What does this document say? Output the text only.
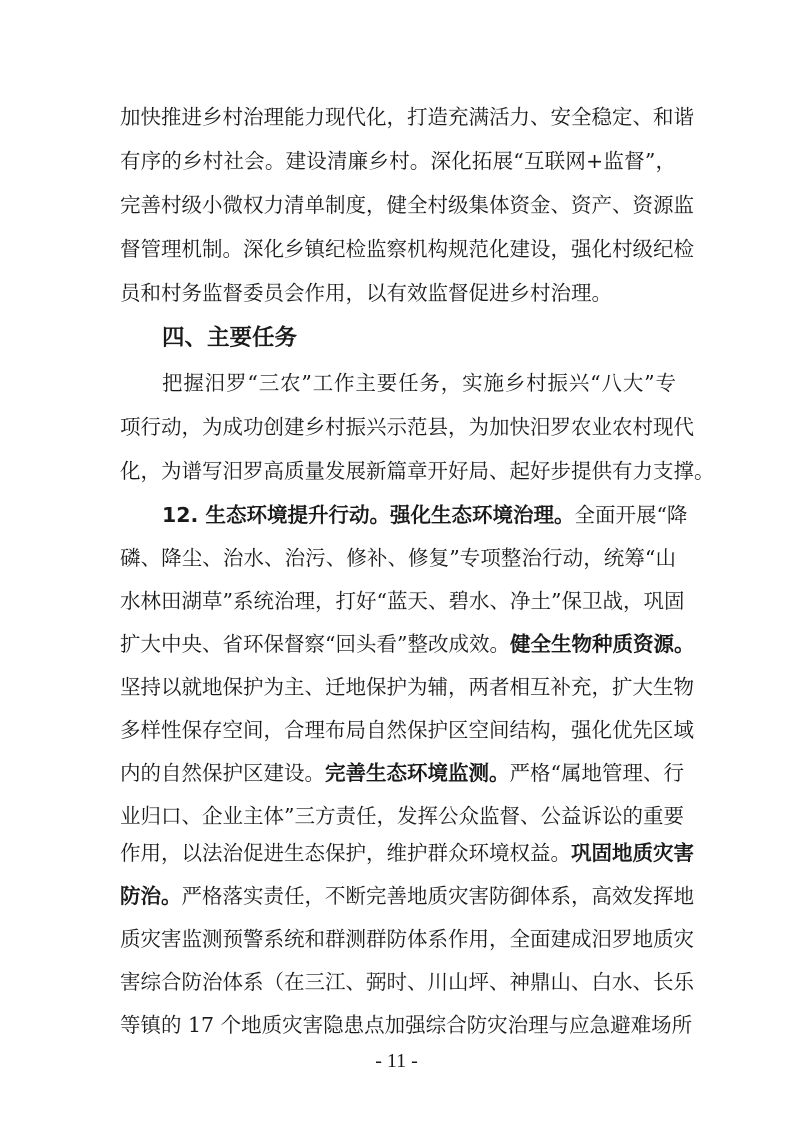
加快推进乡村治理能力现代化，打造充满活力、安全稳定、和谐
有序的乡村社会。建设清廉乡村。深化拓展“互联网+监督”，
完善村级小微权力清单制度，健全村级集体资金、资产、资源监
督管理机制。深化乡镇纪检监察机构规范化建设，强化村级纪检
员和村务监督委员会作用，以有效监督促进乡村治理。
四、主要任务
把握汨罗“三农”工作主要任务，实施乡村振兴“八大”专
项行动，为成功创建乡村振兴示范县，为加快汨罗农业农村现代
化，为谱写汨罗高质量发展新篇章开好局、起好步提供有力支撑。
12. 生态环境提升行动。强化生态环境治理。全面开展“降
磷、降尘、治水、治污、修补、修复”专项整治行动，统筹“山
水林田湖草”系统治理，打好“蓝天、碧水、净土”保卫战，巩固
扩大中央、省环保督察“回头看”整改成效。健全生物种质资源。
坚持以就地保护为主、迁地保护为辅，两者相互补充，扩大生物
多样性保存空间，合理布局自然保护区空间结构，强化优先区域
内的自然保护区建设。完善生态环境监测。严格“属地管理、行
业归口、企业主体”三方责任，发挥公众监督、公益诉讼的重要
作用，以法治促进生态保护，维护群众环境权益。巩固地质灾害
防治。严格落实责任，不断完善地质灾害防御体系，高效发挥地
质灾害监测预警系统和群测群防体系作用，全面建成汨罗地质灾
害综合防治体系（在三江、弼时、川山坪、神鼎山、白水、长乐
- 11 -
等镇的 17 个地质灾害隐患点加强综合防灾治理与应急避难场所
